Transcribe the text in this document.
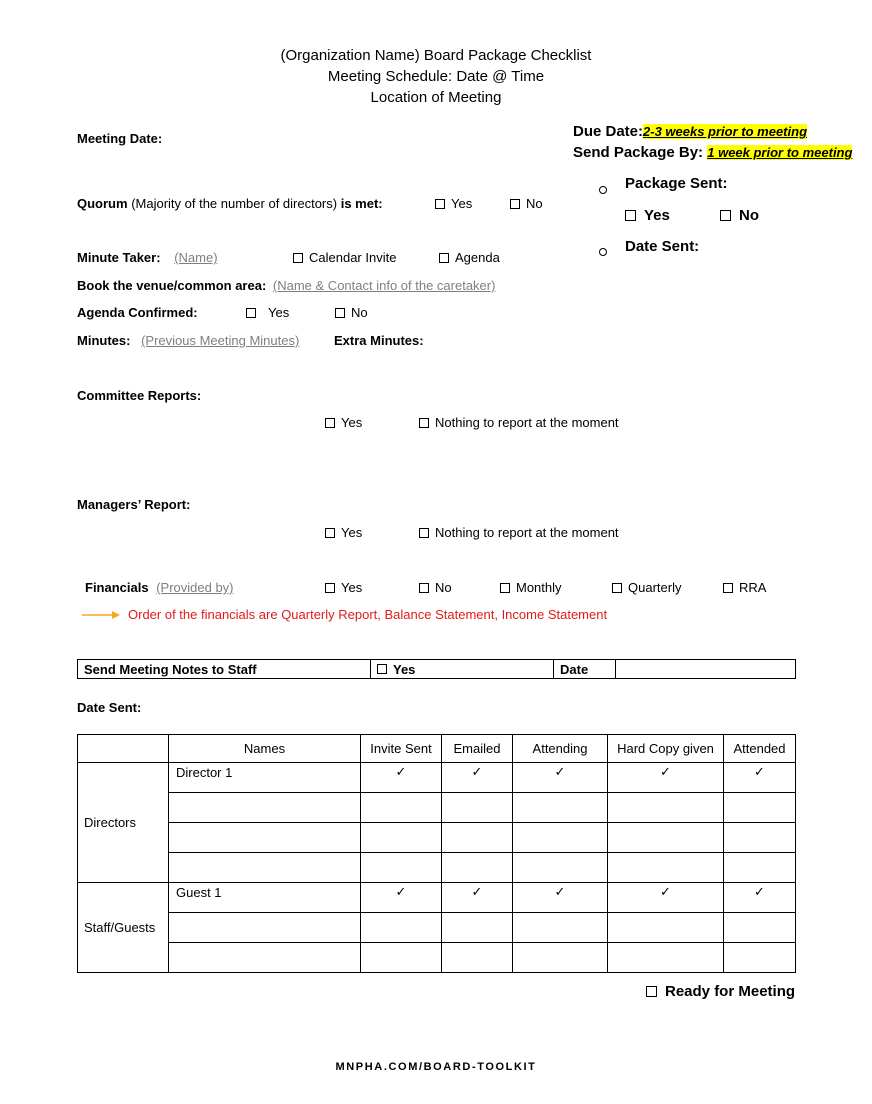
(Organization Name) Board Package Checklist
Meeting Schedule: Date @ Time
Location of Meeting
Due Date:2-3 weeks prior to meeting
Send Package By: 1 week prior to meeting
Package Sent:
Yes	No
Date Sent:
Meeting Date:
Quorum (Majority of the number of directors) is met:	Yes	No
Minute Taker: (Name)	Calendar Invite	Agenda
Book the venue/common area: (Name & Contact info of the caretaker)
Agenda Confirmed:	Yes	No
Minutes: (Previous Meeting Minutes)	Extra Minutes:
Committee Reports:
Yes	Nothing to report at the moment
Managers’ Report:
Yes	Nothing to report at the moment
Financials (Provided by)	Yes	No	Monthly	Quarterly	RRA
Order of the financials are Quarterly Report, Balance Statement, Income Statement
Send Meeting Notes to Staff	Yes	Date	
Date Sent:
	Names	Invite Sent	Emailed	Attending	Hard Copy given	Attended
Directors	Director 1	✓	✓	✓	✓	✓

Staff/Guests	Guest 1	✓	✓	✓	✓	✓

Ready for Meeting
MNPHA.COM/BOARD-TOOLKIT
